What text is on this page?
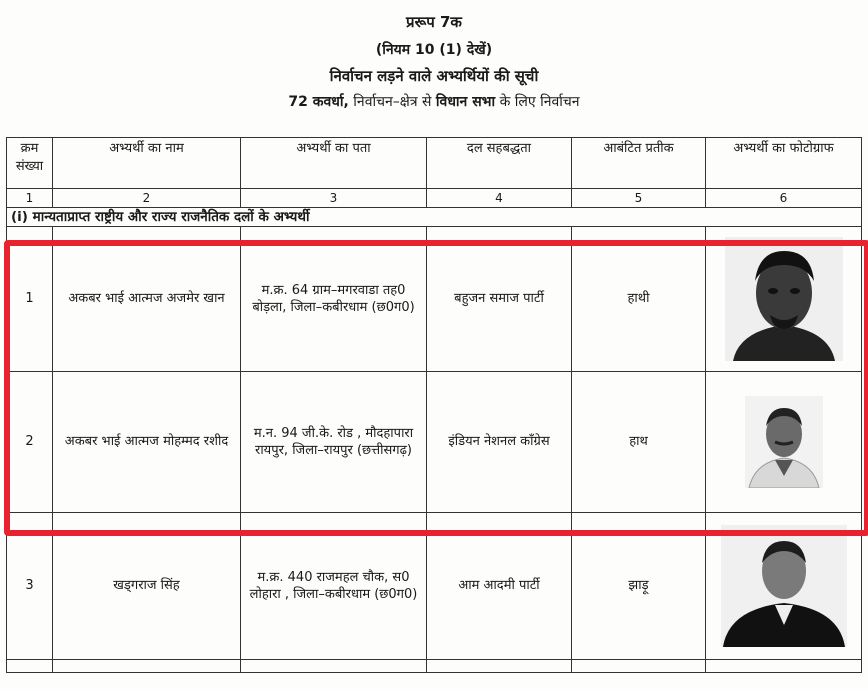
प्ररूप 7क
(नियम 10 (1) देखें)
निर्वाचन लड़ने वाले अभ्यर्थियों की सूची
72 कवर्धा, निर्वाचन–क्षेत्र से विधान सभा के लिए निर्वाचन
क्रम संख्या	अभ्यर्थी का नाम	अभ्यर्थी का पता	दल सहबद्धता	आबंटित प्रतीक	अभ्यर्थी का फोटोग्राफ
1	2	3	4	5	6
(i) मान्यताप्राप्त राष्ट्रीय और राज्य राजनैतिक दलों के अभ्यर्थी					
1	अकबर भाई आत्मज अजमेर खान	म.क्र. 64 ग्राम–मगरवाडा तह0 बोड़ला, जिला–कबीरधाम (छ0ग0)	बहुजन समाज पार्टी	हाथी	

2	अकबर भाई आत्मज मोहम्मद रशीद	म.न. 94 जी.के. रोड , मौदहापारा रायपुर, जिला–रायपुर (छत्तीसगढ़)	इंडियन नेशनल कॉंग्रेस	हाथ	

3	खड्गराज सिंह	म.क्र. 440 राजमहल चौक, स0 लोहारा , जिला–कबीरधाम (छ0ग0)	आम आदमी पार्टी	झाड़ू	
